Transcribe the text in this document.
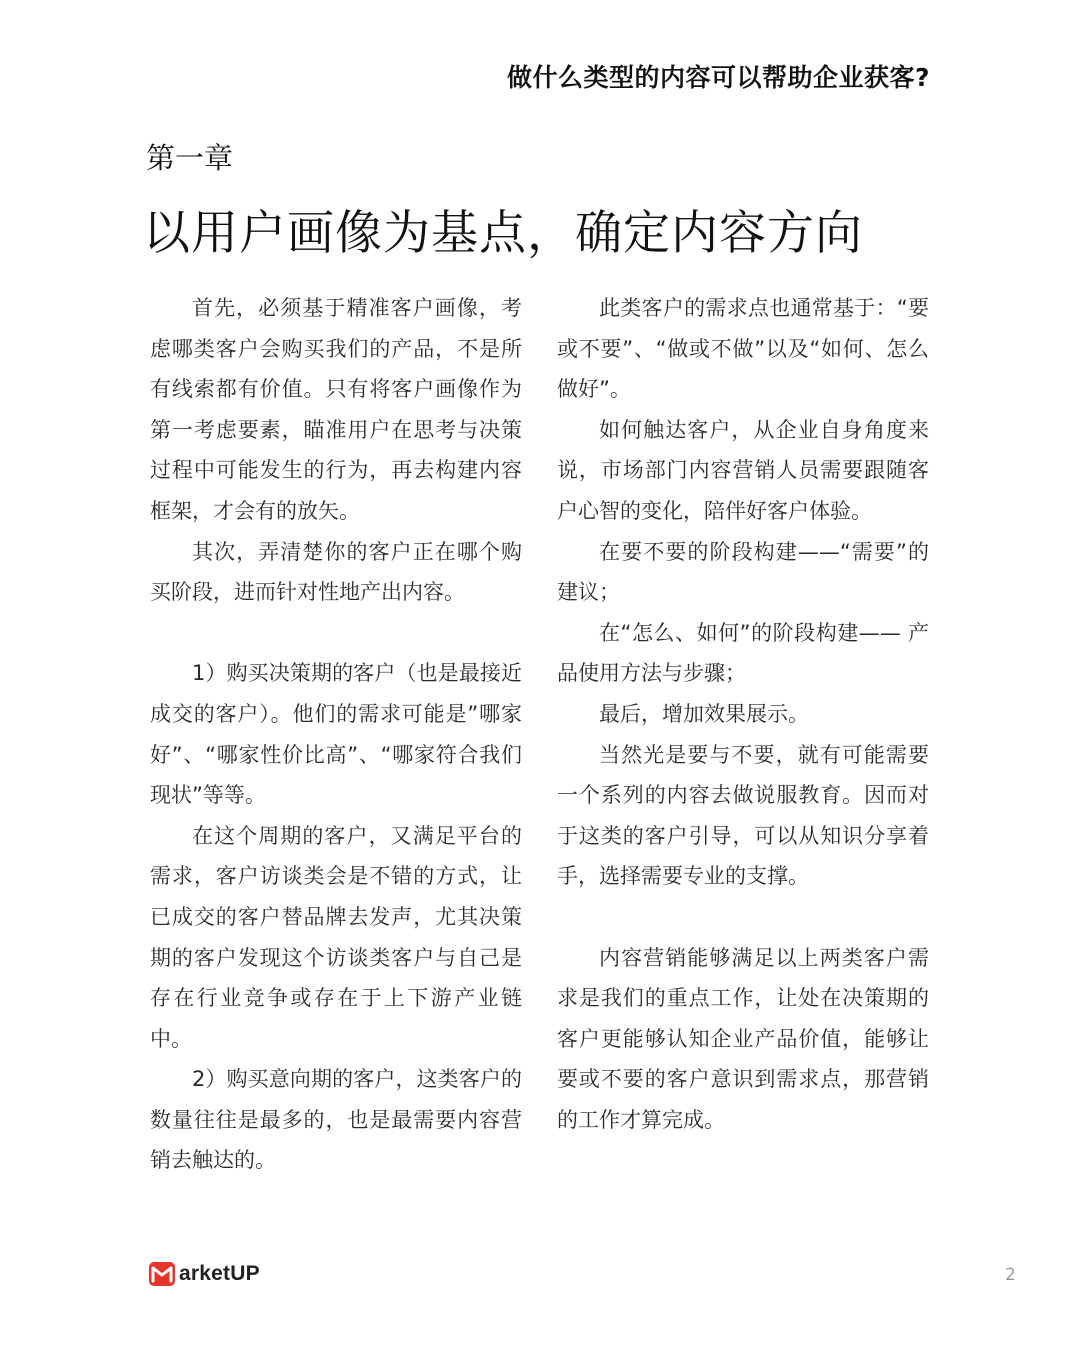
做什么类型的内容可以帮助企业获客?
第一章
以用户画像为基点，确定内容方向

首先，必须基于精准客户画像，考虑哪类客户会购买我们的产品，不是所有线索都有价值。只有将客户画像作为第一考虑要素，瞄准用户在思考与决策过程中可能发生的行为，再去构建内容框架，才会有的放矢。

其次，弄清楚你的客户正在哪个购买阶段，进而针对性地产出内容。

1）购买决策期的客户（也是最接近成交的客户）。他们的需求可能是”哪家好”、“哪家性价比高”、“哪家符合我们现状”等等。

在这个周期的客户，又满足平台的需求，客户访谈类会是不错的方式，让已成交的客户替品牌去发声，尤其决策期的客户发现这个访谈类客户与自己是存在行业竞争或存在于上下游产业链中。

2）购买意向期的客户，这类客户的数量往往是最多的，也是最需要内容营销去触达的。

此类客户的需求点也通常基于：“要或不要”、“做或不做”以及“如何、怎么做好”。

如何触达客户，从企业自身角度来说，市场部门内容营销人员需要跟随客户心智的变化，陪伴好客户体验。

在要不要的阶段构建——“需要”的建议；

在“怎么、如何”的阶段构建—— 产品使用方法与步骤；

最后，增加效果展示。

当然光是要与不要，就有可能需要一个系列的内容去做说服教育。因而对于这类的客户引导，可以从知识分享着手，选择需要专业的支撑。

内容营销能够满足以上两类客户需求是我们的重点工作，让处在决策期的客户更能够认知企业产品价值，能够让要或不要的客户意识到需求点，那营销的工作才算完成。

arketUP	2
